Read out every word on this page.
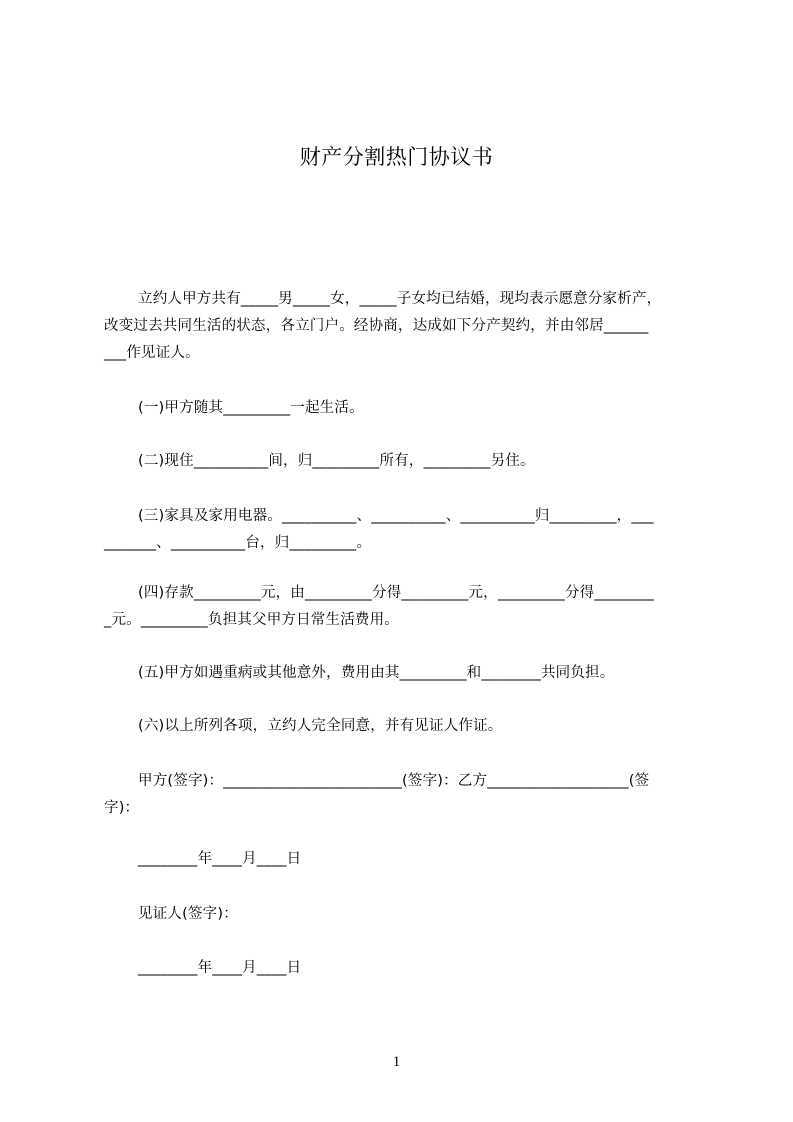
财产分割热门协议书
立约人甲方共有_____男_____女，_____子女均已结婚，现均表示愿意分家析产，
改变过去共同生活的状态，各立门户。经协商，达成如下分产契约，并由邻居______
___作见证人。
(一)甲方随其_________一起生活。
(二)现住__________间，归_________所有，_________另住。
(三)家具及家用电器。__________、__________、__________归_________，___
_______、__________台，归_________。
(四)存款_________元，由_________分得_________元，_________分得________
_元。_________负担其父甲方日常生活费用。
(五)甲方如遇重病或其他意外，费用由其_________和________共同负担。
(六)以上所列各项，立约人完全同意，并有见证人作证。
甲方(签字)：________________________(签字)：乙方___________________(签
字)：
________年____月____日
见证人(签字)：
________年____月____日
1
